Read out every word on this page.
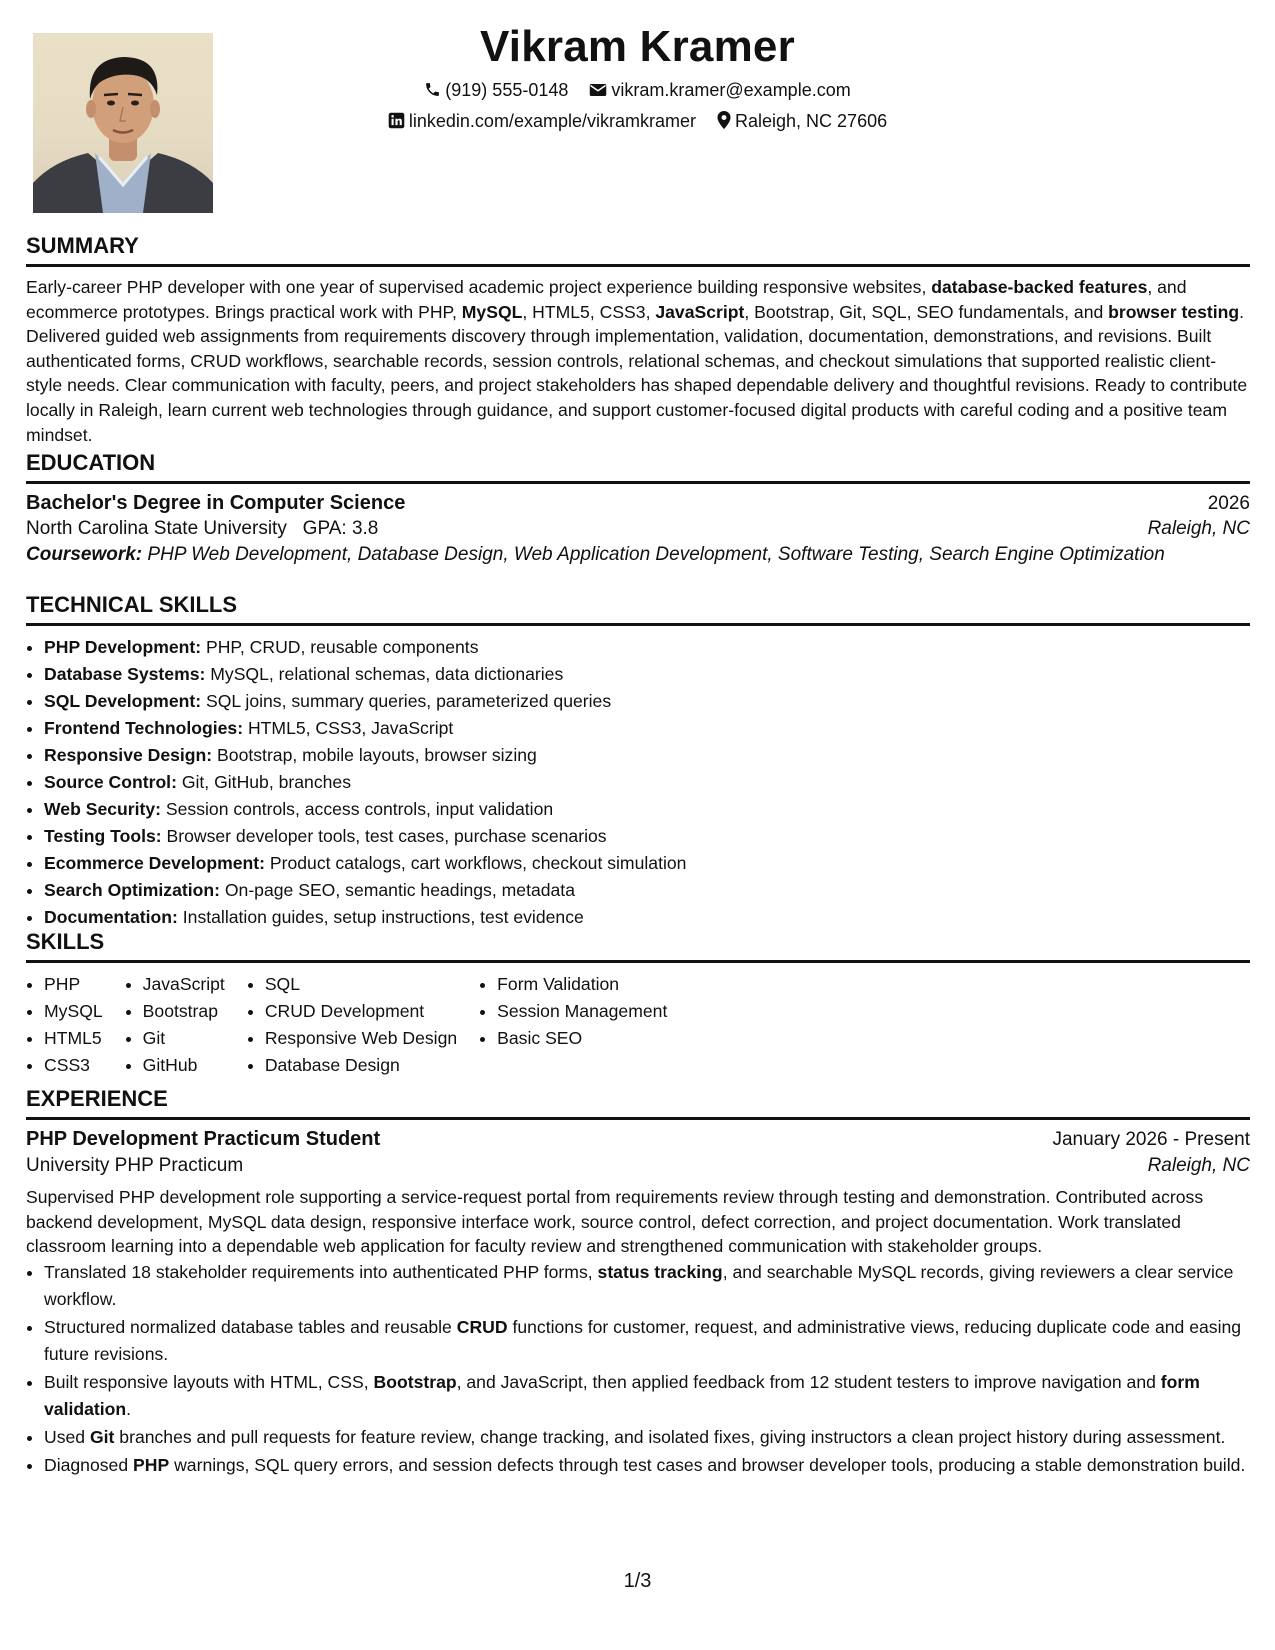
Vikram Kramer
(919) 555-0148 vikram.kramer@example.com
linkedin.com/example/vikramkramer Raleigh, NC 27606
SUMMARY

Early-career PHP developer with one year of supervised academic project experience building responsive websites, database-backed features, and ecommerce prototypes. Brings practical work with PHP, MySQL, HTML5, CSS3, JavaScript, Bootstrap, Git, SQL, SEO fundamentals, and browser testing. Delivered guided web assignments from requirements discovery through implementation, validation, documentation, demonstrations, and revisions. Built authenticated forms, CRUD workflows, searchable records, session controls, relational schemas, and checkout simulations that supported realistic client-style needs. Clear communication with faculty, peers, and project stakeholders has shaped dependable delivery and thoughtful revisions. Ready to contribute locally in Raleigh, learn current web technologies through guidance, and support customer-focused digital products with careful coding and a positive team mindset.

EDUCATION
Bachelor's Degree in Computer Science	2026
North Carolina State University GPA: 3.8	Raleigh, NC
Coursework: PHP Web Development, Database Design, Web Application Development, Software Testing, Search Engine Optimization
TECHNICAL SKILLS
• PHP Development: PHP, CRUD, reusable components
• Database Systems: MySQL, relational schemas, data dictionaries
• SQL Development: SQL joins, summary queries, parameterized queries
• Frontend Technologies: HTML5, CSS3, JavaScript
• Responsive Design: Bootstrap, mobile layouts, browser sizing
• Source Control: Git, GitHub, branches
• Web Security: Session controls, access controls, input validation
• Testing Tools: Browser developer tools, test cases, purchase scenarios
• Ecommerce Development: Product catalogs, cart workflows, checkout simulation
• Search Optimization: On-page SEO, semantic headings, metadata
• Documentation: Installation guides, setup instructions, test evidence
SKILLS
• PHP
• MySQL
• HTML5
• CSS3
• JavaScript
• Bootstrap
• Git
• GitHub
• SQL
• CRUD Development
• Responsive Web Design
• Database Design
• Form Validation
• Session Management
• Basic SEO
EXPERIENCE
PHP Development Practicum Student	January 2026 - Present
University PHP Practicum	Raleigh, NC

Supervised PHP development role supporting a service-request portal from requirements review through testing and demonstration. Contributed across backend development, MySQL data design, responsive interface work, source control, defect correction, and project documentation. Work translated classroom learning into a dependable web application for faculty review and strengthened communication with stakeholder groups.

• Translated 18 stakeholder requirements into authenticated PHP forms, status tracking, and searchable MySQL records, giving reviewers a clear service workflow.
• Structured normalized database tables and reusable CRUD functions for customer, request, and administrative views, reducing duplicate code and easing future revisions.
• Built responsive layouts with HTML, CSS, Bootstrap, and JavaScript, then applied feedback from 12 student testers to improve navigation and form validation.
• Used Git branches and pull requests for feature review, change tracking, and isolated fixes, giving instructors a clean project history during assessment.
• Diagnosed PHP warnings, SQL query errors, and session defects through test cases and browser developer tools, producing a stable demonstration build.
1/3
